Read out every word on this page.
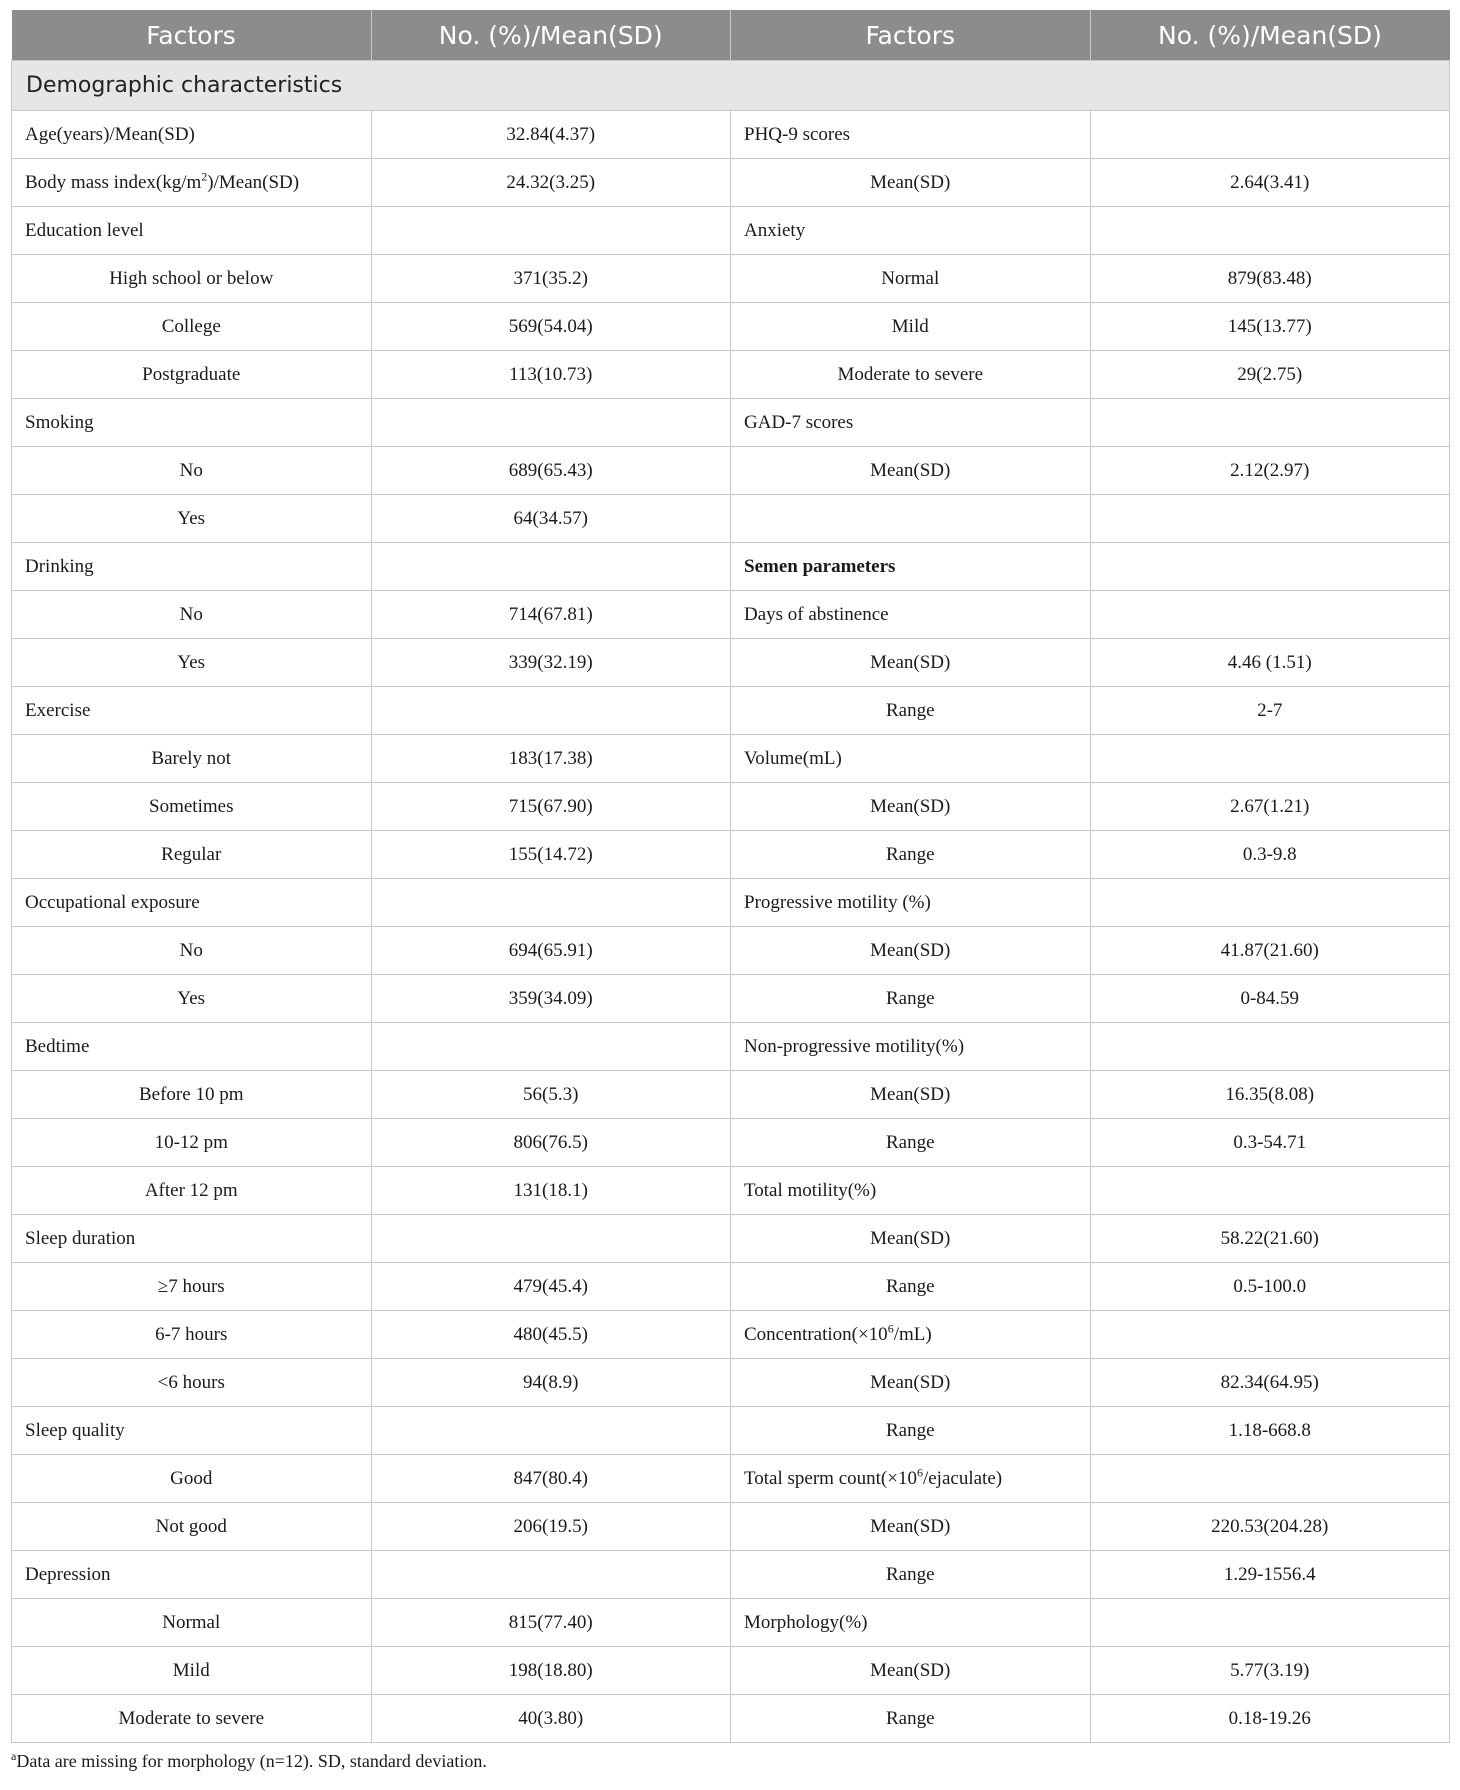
Factors	No. (%)/Mean(SD)	Factors	No. (%)/Mean(SD)
Demographic characteristics			
Age(years)/Mean(SD)	32.84(4.37)	PHQ-9 scores	
Body mass $index(kg/m^2)/Mean(SD)$	24.32(3.25)	Mean(SD)	2.64(3.41)
Education level		Anxiety	
High school or below	371(35.2)	Normal	879(83.48)
College	569(54.04)	Mild	145(13.77)
Postgraduate	113(10.73)	Moderate to severe	29(2.75)
Smoking		GAD-7 scores	
No	689(65.43)	Mean(SD)	2.12(2.97)
Yes	64(34.57)		
Drinking		Semen parameters	
No	714(67.81)	Days of abstinence	
Yes	339(32.19)	Mean(SD)	4.46 (1.51)
Exercise		Range	2-7
Barely not	183(17.38)	Volume(mL)	
Sometimes	715(67.90)	Mean(SD)	2.67(1.21)
Regular	155(14.72)	Range	0.3-9.8
Occupational exposure		Progressive motility (%)	
No	694(65.91)	Mean(SD)	41.87(21.60)
Yes	359(34.09)	Range	0-84.59
Bedtime		Non-progressive motility(%)	
Before 10 pm	56(5.3)	Mean(SD)	16.35(8.08)
10-12 pm	806(76.5)	Range	0.3-54.71
After 12 pm	131(18.1)	Total motility(%)	
Sleep duration		Mean(SD)	58.22(21.60)
≥7 hours	479(45.4)	Range	0.5-100.0
6-7 hours	480(45.5)	$Concentration(\times 10^6/mL)$	
<6 hours	94(8.9)	Mean(SD)	82.34(64.95)
Sleep quality		Range	1.18-668.8
Good	847(80.4)	Total sperm $count(\times 10^6/ejaculate)$	
Not good	206(19.5)	Mean(SD)	220.53(204.28)
Depression		Range	1.29-1556.4
Normal	815(77.40)	Morphology(%)	
Mild	198(18.80)	Mean(SD)	5.77(3.19)
Moderate to severe	40(3.80)	Range	0.18-19.26
$^a$Data are missing for morphology (n=12). SD, standard deviation.
